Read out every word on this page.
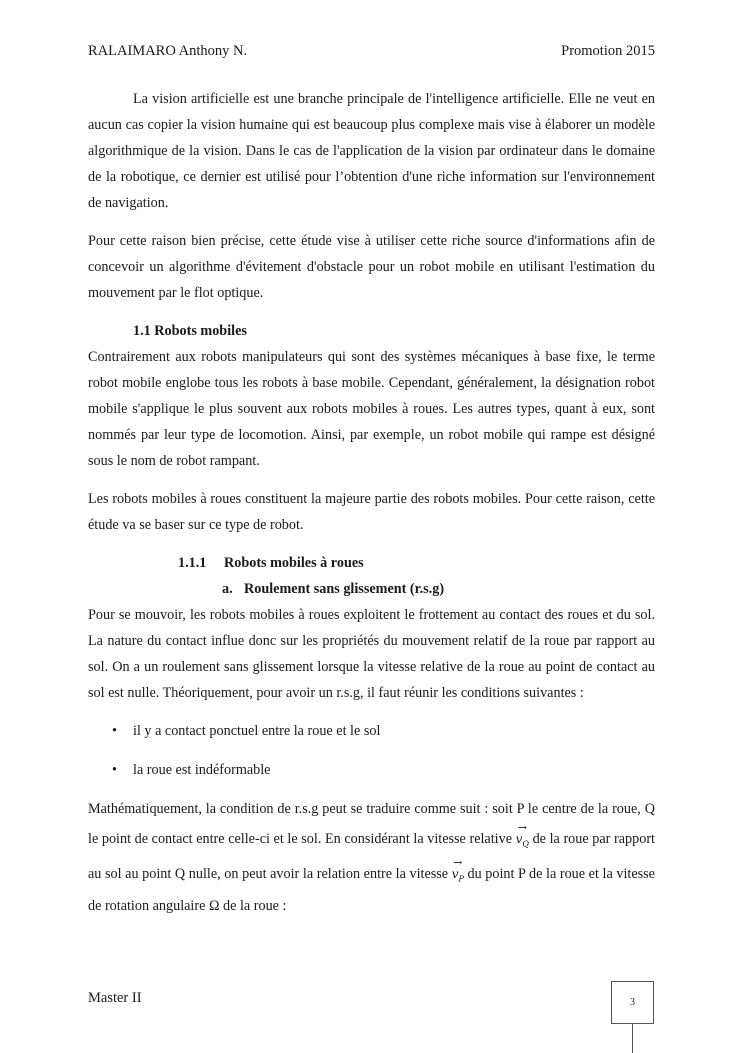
RALAIMARO Anthony N.	Promotion 2015

La vision artificielle est une branche principale de l'intelligence artificielle. Elle ne veut en aucun cas copier la vision humaine qui est beaucoup plus complexe mais vise à élaborer un modèle algorithmique de la vision. Dans le cas de l'application de la vision par ordinateur dans le domaine de la robotique, ce dernier est utilisé pour l’obtention d'une riche information sur l'environnement de navigation.

Pour cette raison bien précise, cette étude vise à utiliser cette riche source d'informations afin de concevoir un algorithme d'évitement d'obstacle pour un robot mobile en utilisant l'estimation du mouvement par le flot optique.

1.1 Robots mobiles

Contrairement aux robots manipulateurs qui sont des systèmes mécaniques à base fixe, le terme robot mobile englobe tous les robots à base mobile. Cependant, généralement, la désignation robot mobile s'applique le plus souvent aux robots mobiles à roues. Les autres types, quant à eux, sont nommés par leur type de locomotion. Ainsi, par exemple, un robot mobile qui rampe est désigné sous le nom de robot rampant.

Les robots mobiles à roues constituent la majeure partie des robots mobiles. Pour cette raison, cette étude va se baser sur ce type de robot.

1.1.1 Robots mobiles à roues
a. Roulement sans glissement (r.s.g)

Pour se mouvoir, les robots mobiles à roues exploitent le frottement au contact des roues et du sol. La nature du contact influe donc sur les propriétés du mouvement relatif de la roue par rapport au sol. On a un roulement sans glissement lorsque la vitesse relative de la roue au point de contact au sol est nulle. Théoriquement, pour avoir un r.s.g, il faut réunir les conditions suivantes :

• il y a contact ponctuel entre la roue et le sol
• la roue est indéformable

Mathématiquement, la condition de r.s.g peut se traduire comme suit : soit P le centre de la roue, Q le point de contact entre celle-ci et le sol. En considérant la vitesse relative → $v_Q$ de la roue par rapport au sol au point Q nulle, on peut avoir la relation entre la vitesse → $v_P$ du point P de la roue et la vitesse de rotation angulaire Ω de la roue :

Master II	3
